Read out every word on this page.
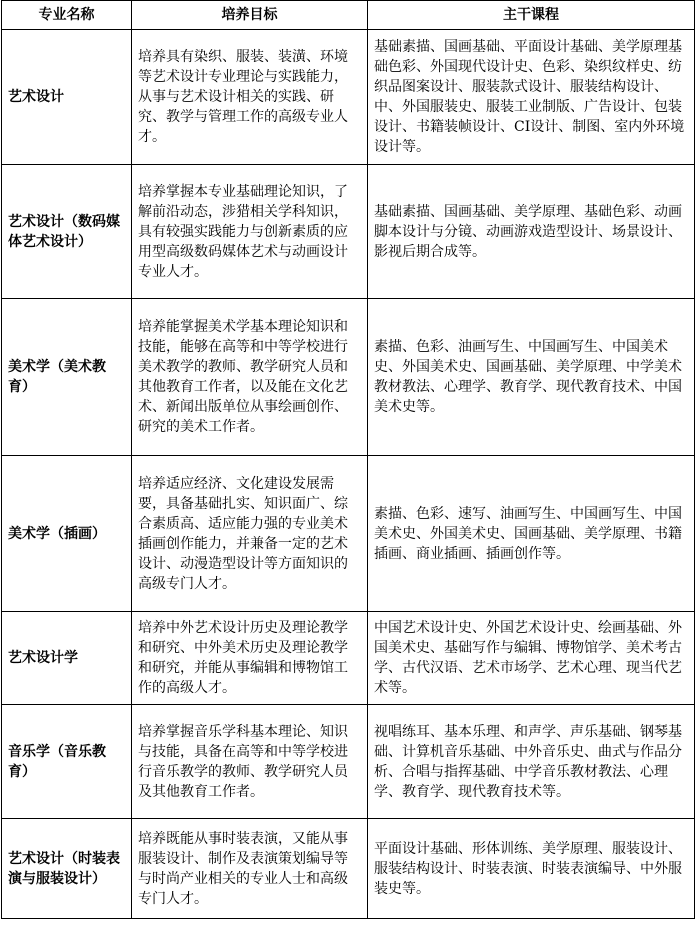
专业名称	培养目标	主干课程
艺术设计	培养具有染织、服装、装潢、环境等艺术设计专业理论与实践能力，从事与艺术设计相关的实践、研究、教学与管理工作的高级专业人才。	基础素描、国画基础、平面设计基础、美学原理基础色彩、外国现代设计史、色彩、染织纹样史、纺织品图案设计、服装款式设计、服装结构设计、中、外国服装史、服装工业制版、广告设计、包装设计、书籍装帧设计、CI设计、制图、室内外环境设计等。
艺术设计（数码媒体艺术设计）	培养掌握本专业基础理论知识，了解前沿动态，涉猎相关学科知识，具有较强实践能力与创新素质的应用型高级数码媒体艺术与动画设计专业人才。	基础素描、国画基础、美学原理、基础色彩、动画脚本设计与分镜、动画游戏造型设计、场景设计、影视后期合成等。
美术学（美术教育）	培养能掌握美术学基本理论知识和技能，能够在高等和中等学校进行美术教学的教师、教学研究人员和其他教育工作者，以及能在文化艺术、新闻出版单位从事绘画创作、研究的美术工作者。	素描、色彩、油画写生、中国画写生、中国美术史、外国美术史、国画基础、美学原理、中学美术教材教法、心理学、教育学、现代教育技术、中国美术史等。
美术学（插画）	培养适应经济、文化建设发展需要，具备基础扎实、知识面广、综合素质高、适应能力强的专业美术插画创作能力，并兼备一定的艺术设计、动漫造型设计等方面知识的高级专门人才。	素描、色彩、速写、油画写生、中国画写生、中国美术史、外国美术史、国画基础、美学原理、书籍插画、商业插画、插画创作等。
艺术设计学	培养中外艺术设计历史及理论教学和研究、中外美术历史及理论教学和研究，并能从事编辑和博物馆工作的高级人才。	中国艺术设计史、外国艺术设计史、绘画基础、外国美术史、基础写作与编辑、博物馆学、美术考古学、古代汉语、艺术市场学、艺术心理、现当代艺术等。
音乐学（音乐教育）	培养掌握音乐学科基本理论、知识与技能，具备在高等和中等学校进行音乐教学的教师、教学研究人员及其他教育工作者。	视唱练耳、基本乐理、和声学、声乐基础、钢琴基础、计算机音乐基础、中外音乐史、曲式与作品分析、合唱与指挥基础、中学音乐教材教法、心理学、教育学、现代教育技术等。
艺术设计（时装表演与服装设计）	培养既能从事时装表演，又能从事服装设计、制作及表演策划编导等与时尚产业相关的专业人士和高级专门人才。	平面设计基础、形体训练、美学原理、服装设计、服装结构设计、时装表演、时装表演编导、中外服装史等。
